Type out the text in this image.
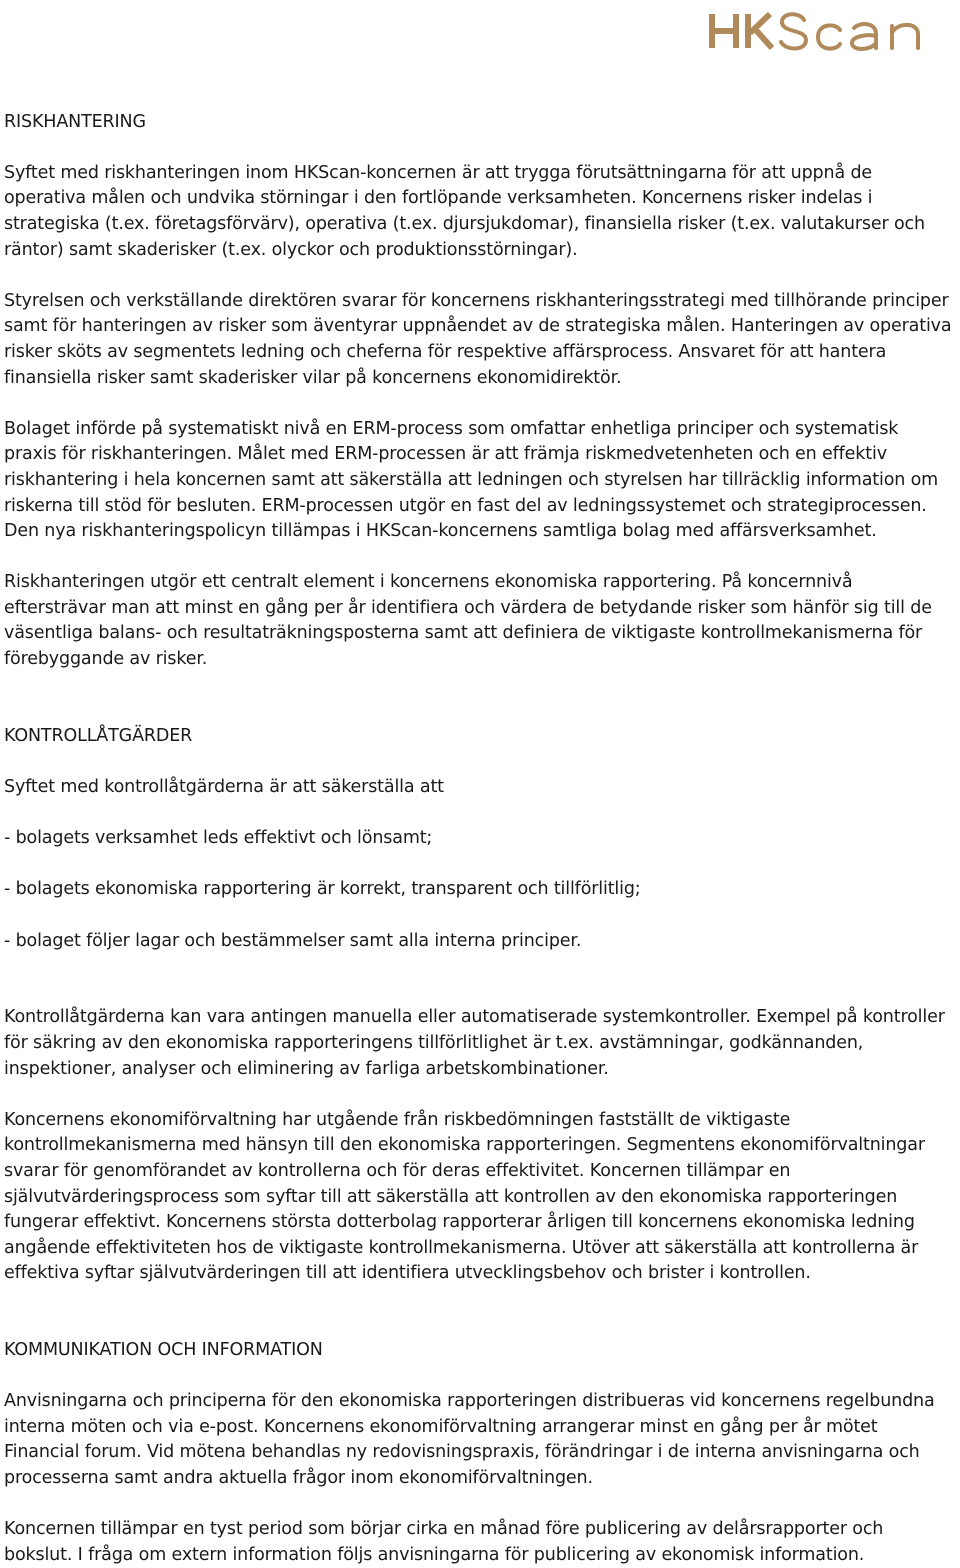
RISKHANTERING

Syftet med riskhanteringen inom HKScan-koncernen är att trygga förutsättningarna för att uppnå de operativa målen och undvika störningar i den fortlöpande verksamheten. Koncernens risker indelas i strategiska (t.ex. företagsförvärv), operativa (t.ex. djursjukdomar), finansiella risker (t.ex. valutakurser och räntor) samt skaderisker (t.ex. olyckor och produktionsstörningar).

Styrelsen och verkställande direktören svarar för koncernens riskhanteringsstrategi med tillhörande principer samt för hanteringen av risker som äventyrar uppnåendet av de strategiska målen. Hanteringen av operativa risker sköts av segmentets ledning och cheferna för respektive affärsprocess. Ansvaret för att hantera finansiella risker samt skaderisker vilar på koncernens ekonomidirektör.
Bolaget införde på systematiskt nivå en ERM-process som omfattar enhetliga principer och systematisk praxis för riskhanteringen. Målet med ERM-processen är att främja riskmedvetenheten och en effektiv riskhantering i hela koncernen samt att säkerställa att ledningen och styrelsen har tillräcklig information om riskerna till stöd för besluten. ERM-processen utgör en fast del av ledningssystemet och strategiprocessen. Den nya riskhanteringspolicyn tillämpas i HKScan-koncernens samtliga bolag med affärsverksamhet.
Riskhanteringen utgör ett centralt element i koncernens ekonomiska rapportering. På koncernnivå eftersträvar man att minst en gång per år identifiera och värdera de betydande risker som hänför sig till de väsentliga balans- och resultaträkningsposterna samt att definiera de viktigaste kontrollmekanismerna för förebyggande av risker.

KONTROLLÅTGÄRDER

Syftet med kontrollåtgärderna är att säkerställa att

- bolagets verksamhet leds effektivt och lönsamt;

- bolagets ekonomiska rapportering är korrekt, transparent och tillförlitlig;

- bolaget följer lagar och bestämmelser samt alla interna principer.

Kontrollåtgärderna kan vara antingen manuella eller automatiserade systemkontroller. Exempel på kontroller för säkring av den ekonomiska rapporteringens tillförlitlighet är t.ex. avstämningar, godkännanden, inspektioner, analyser och eliminering av farliga arbetskombinationer.
Koncernens ekonomiförvaltning har utgående från riskbedömningen fastställt de viktigaste kontrollmekanismerna med hänsyn till den ekonomiska rapporteringen. Segmentens ekonomiförvaltningar svarar för genomförandet av kontrollerna och för deras effektivitet. Koncernen tillämpar en självutvärderingsprocess som syftar till att säkerställa att kontrollen av den ekonomiska rapporteringen fungerar effektivt. Koncernens största dotterbolag rapporterar årligen till koncernens ekonomiska ledning angående effektiviteten hos de viktigaste kontrollmekanismerna. Utöver att säkerställa att kontrollerna är effektiva syftar självutvärderingen till att identifiera utvecklingsbehov och brister i kontrollen.

KOMMUNIKATION OCH INFORMATION

Anvisningarna och principerna för den ekonomiska rapporteringen distribueras vid koncernens regelbundna interna möten och via e-post. Koncernens ekonomiförvaltning arrangerar minst en gång per år mötet Financial forum. Vid mötena behandlas ny redovisningspraxis, förändringar i de interna anvisningarna och processerna samt andra aktuella frågor inom ekonomiförvaltningen.

Koncernen tillämpar en tyst period som börjar cirka en månad före publicering av delårsrapporter och bokslut. I fråga om extern information följs anvisningarna för publicering av ekonomisk information.
